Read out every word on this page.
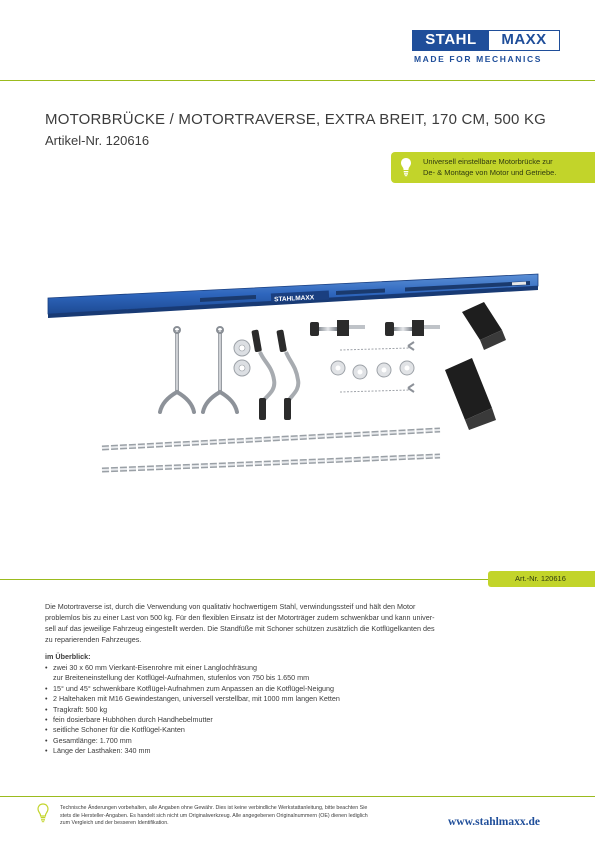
STAHL	MAXX
MADE FOR MECHANICS
MOTORBRÜCKE / MOTORTRAVERSE, EXTRA BREIT, 170 CM, 500 KG
Artikel-Nr. 120616
Universell einstellbare Motorbrücke zur
De- & Montage von Motor und Getriebe.
STAHLMAXX
Art.-Nr. 120616

Die Motortraverse ist, durch die Verwendung von qualitativ hochwertigem Stahl, verwindungssteif und hält den Motor

problemlos bis zu einer Last von 500 kg. Für den flexiblen Einsatz ist der Motorträger zudem schwenkbar und kann univer-

sell auf das jeweilige Fahrzeug eingestellt werden. Die Standfüße mit Schoner schützen zusätzlich die Kotflügelkanten des

zu reparierenden Fahrzeuges.

im Überblick:
• zwei 30 x 60 mm Vierkant-Eisenrohre mit einer Langlochfräsung
zur Breiteneinstellung der Kotflügel-Aufnahmen, stufenlos von 750 bis 1.650 mm
• 15° und 45° schwenkbare Kotflügel-Aufnahmen zum Anpassen an die Kotflügel-Neigung
• 2 Haltehaken mit M16 Gewindestangen, universell verstellbar, mit 1000 mm langen Ketten
• Tragkraft: 500 kg
• fein dosierbare Hubhöhen durch Handhebelmutter
• seitliche Schoner für die Kotflügel-Kanten
• Gesamtlänge: 1.700 mm
• Länge der Lasthaken: 340 mm
Technische Änderungen vorbehalten, alle Angaben ohne Gewähr. Dies ist keine verbindliche Werkstattanleitung, bitte beachten Sie
stets die Hersteller-Angaben. Es handelt sich nicht um Originalwerkzeug. Alle angegebenen Originalnummern (OE) dienen lediglich
zum Vergleich und der besseren Identifikation.	www.stahlmaxx.de
